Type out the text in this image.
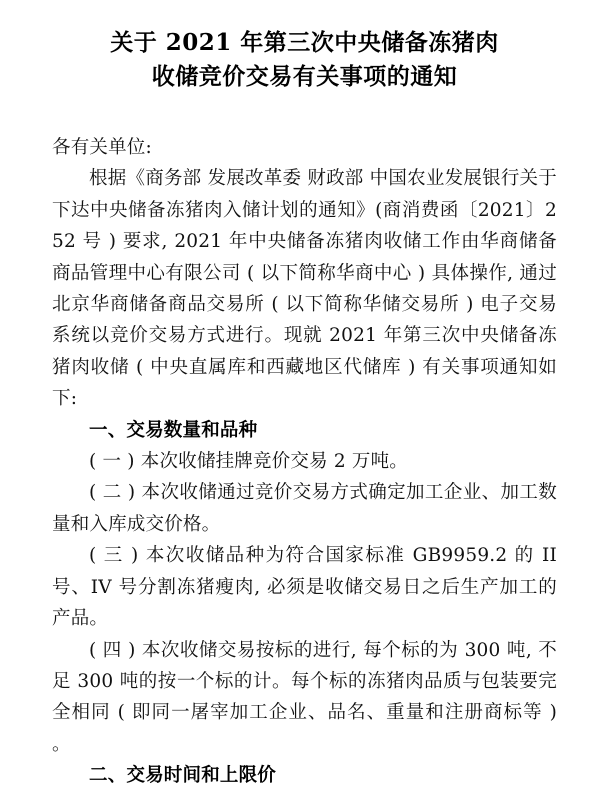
关于 2021 年第三次中央储备冻猪肉
收储竞价交易有关事项的通知

各有关单位:

根据《商务部 发展改革委 财政部 中国农业发展银行关于下达中央储备冻猪肉入储计划的通知》(商消费函〔2021〕252 号 ) 要求, 2021 年中央储备冻猪肉收储工作由华商储备商品管理中心有限公司 ( 以下简称华商中心 ) 具体操作, 通过北京华商储备商品交易所 ( 以下简称华储交易所 ) 电子交易系统以竞价交易方式进行。现就 2021 年第三次中央储备冻猪肉收储 ( 中央直属库和西藏地区代储库 ) 有关事项通知如下:

一、交易数量和品种

( 一 ) 本次收储挂牌竞价交易 2 万吨。

( 二 ) 本次收储通过竞价交易方式确定加工企业、加工数量和入库成交价格。

( 三 ) 本次收储品种为符合国家标准 GB9959.2 的 II 号、IV 号分割冻猪瘦肉, 必须是收储交易日之后生产加工的产品。

( 四 ) 本次收储交易按标的进行, 每个标的为 300 吨, 不足 300 吨的按一个标的计。每个标的冻猪肉品质与包装要完全相同 ( 即同一屠宰加工企业、品名、重量和注册商标等 ) 。

二、交易时间和上限价
